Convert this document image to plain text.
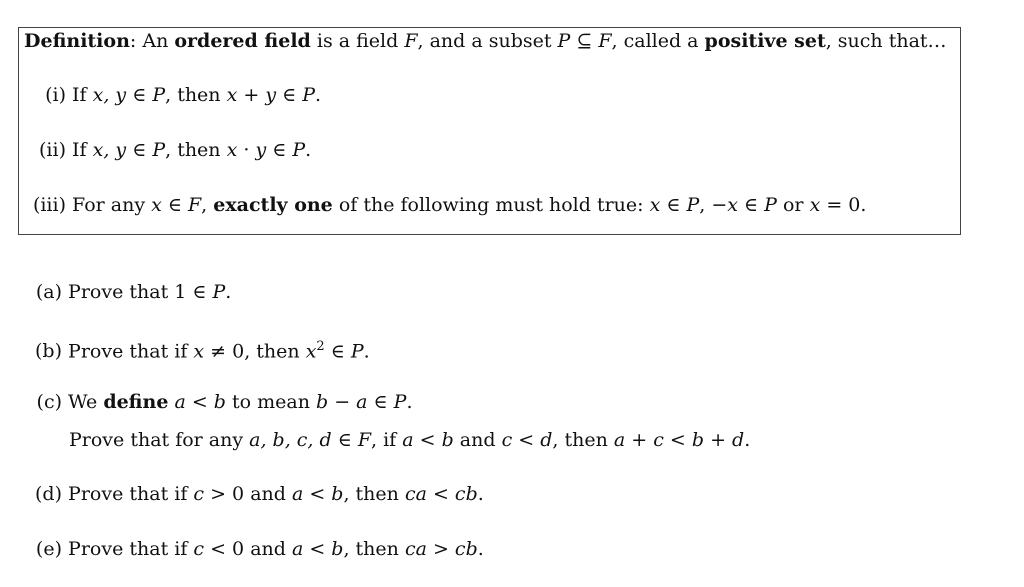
Definition: An ordered field is a field F, and a subset P ⊆ F, called a positive set, such that…
(i) If x, y ∈ P, then x + y ∈ P.
(ii) If x, y ∈ P, then x · y ∈ P.
(iii) For any x ∈ F, exactly one of the following must hold true: x ∈ P, −x ∈ P or x = 0.
(a) Prove that 1 ∈ P.
(b) Prove that if x ≠ 0, then $x^2$ ∈ P.
(c) We define a < b to mean b − a ∈ P.
Prove that for any a, b, c, d ∈ F, if a < b and c < d, then a + c < b + d.
(d) Prove that if c > 0 and a < b, then ca < cb.
(e) Prove that if c < 0 and a < b, then ca > cb.
